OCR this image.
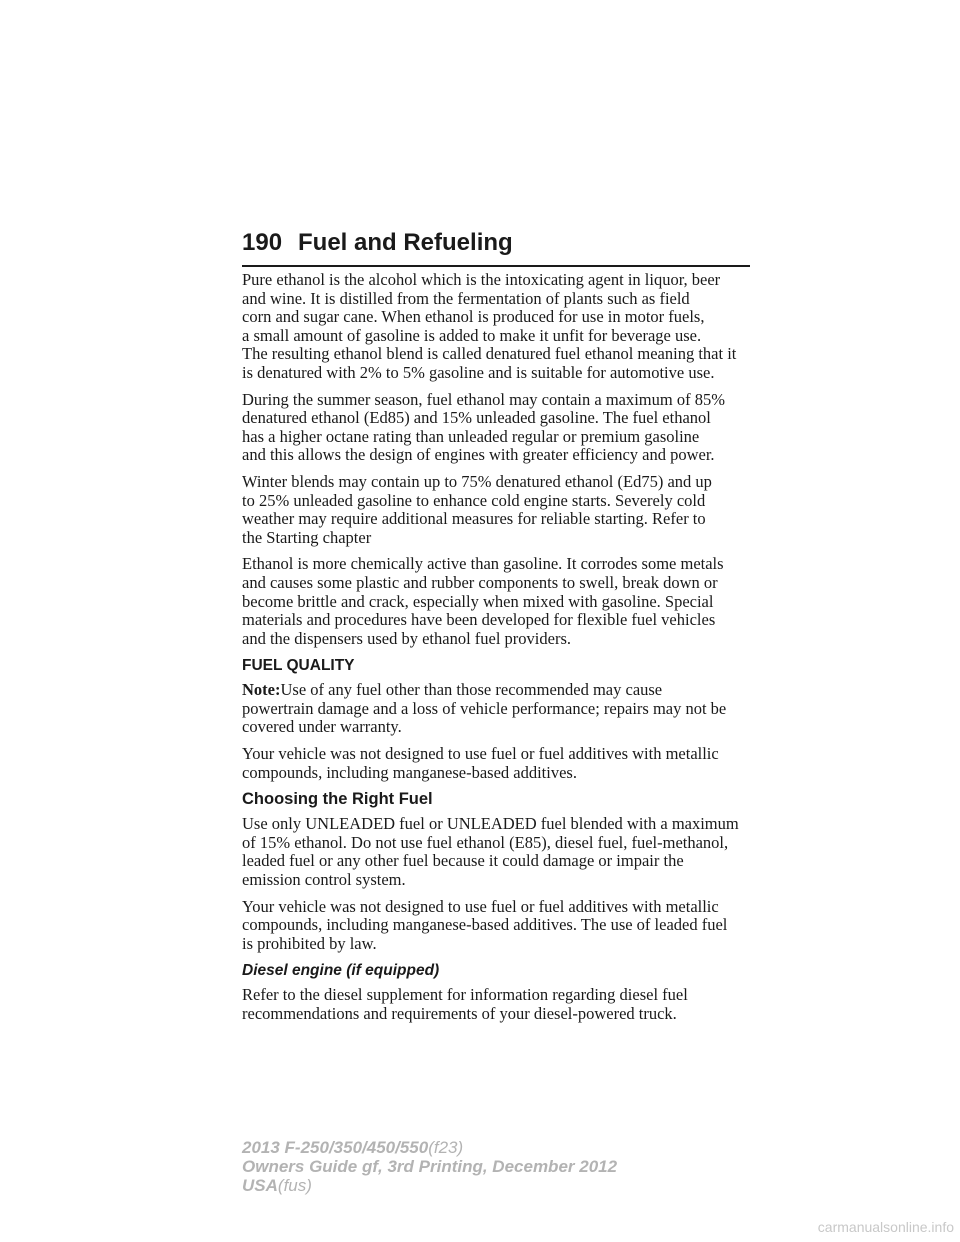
190 Fuel and Refueling

Pure ethanol is the alcohol which is the intoxicating agent in liquor, beer
and wine. It is distilled from the fermentation of plants such as field
corn and sugar cane. When ethanol is produced for use in motor fuels,
a small amount of gasoline is added to make it unfit for beverage use.
The resulting ethanol blend is called denatured fuel ethanol meaning that it
is denatured with 2% to 5% gasoline and is suitable for automotive use.

During the summer season, fuel ethanol may contain a maximum of 85%
denatured ethanol (Ed85) and 15% unleaded gasoline. The fuel ethanol
has a higher octane rating than unleaded regular or premium gasoline
and this allows the design of engines with greater efficiency and power.

Winter blends may contain up to 75% denatured ethanol (Ed75) and up
to 25% unleaded gasoline to enhance cold engine starts. Severely cold
weather may require additional measures for reliable starting. Refer to
the Starting chapter

Ethanol is more chemically active than gasoline. It corrodes some metals
and causes some plastic and rubber components to swell, break down or
become brittle and crack, especially when mixed with gasoline. Special
materials and procedures have been developed for flexible fuel vehicles
and the dispensers used by ethanol fuel providers.

FUEL QUALITY

Note:Use of any fuel other than those recommended may cause
powertrain damage and a loss of vehicle performance; repairs may not be
covered under warranty.

Your vehicle was not designed to use fuel or fuel additives with metallic
compounds, including manganese-based additives.

Choosing the Right Fuel

Use only UNLEADED fuel or UNLEADED fuel blended with a maximum
of 15% ethanol. Do not use fuel ethanol (E85), diesel fuel, fuel-methanol,
leaded fuel or any other fuel because it could damage or impair the
emission control system.

Your vehicle was not designed to use fuel or fuel additives with metallic
compounds, including manganese-based additives. The use of leaded fuel
is prohibited by law.

Diesel engine (if equipped)

Refer to the diesel supplement for information regarding diesel fuel
recommendations and requirements of your diesel-powered truck.

2013 F-250/350/450/550(f23)
Owners Guide gf, 3rd Printing, December 2012
USA(fus)
carmanualsonline.info
